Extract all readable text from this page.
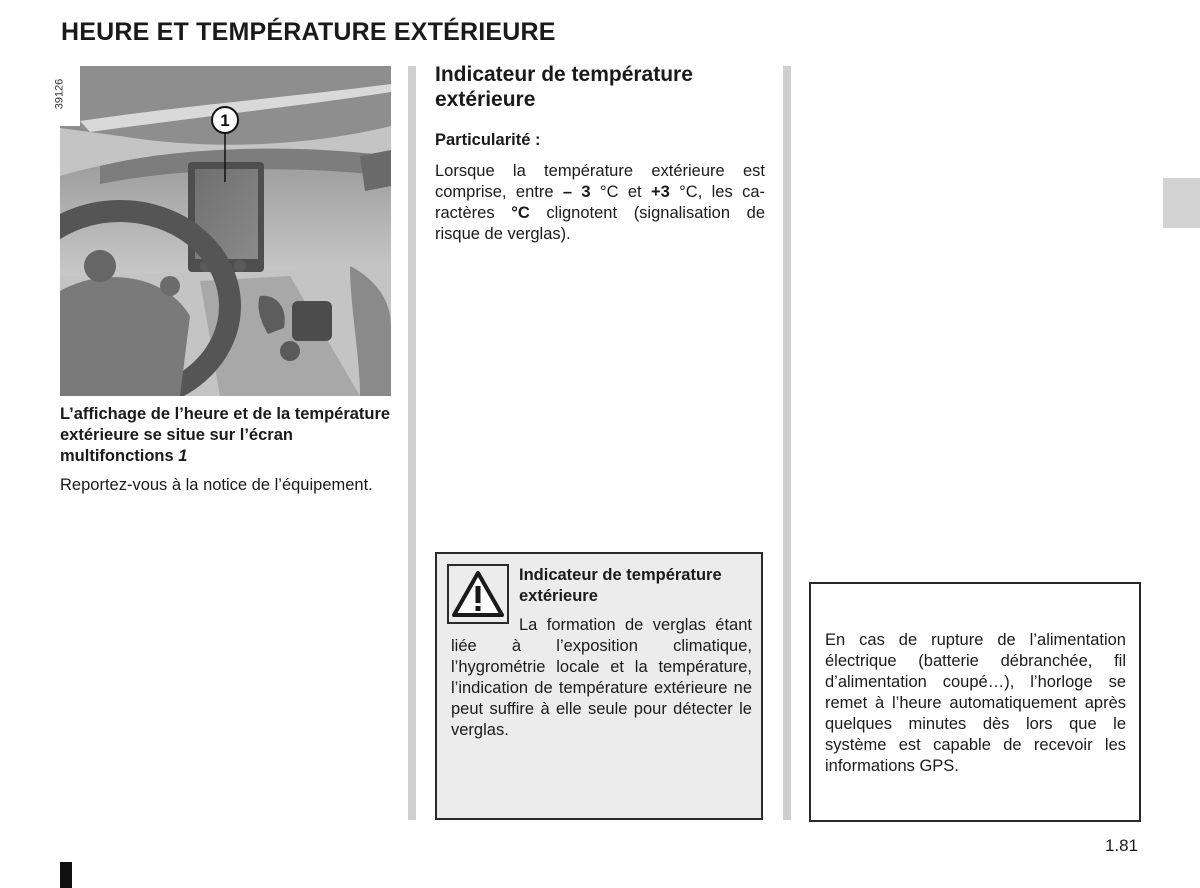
HEURE ET TEMPÉRATURE EXTÉRIEURE
1
39126

L’affichage de l’heure et de la température extérieure se situe sur l’écran multifonctions 1

Reportez-vous à la notice de l’équipement.

Indicateur de température extérieure

Particularité :

Lorsque la température extérieure est comprise, entre – 3 °C et +3 °C, les caractères °C clignotent (signalisation de risque de verglas).

Indicateur de température extérieure

La formation de verglas étant liée à l’exposition climatique, l’hygrométrie locale et la température, l’indication de température extérieure ne peut suffire à elle seule pour détecter le verglas.

En cas de rupture de l’alimentation électrique (batterie débranchée, fil d’alimentation coupé…), l’horloge se remet à l’heure automatiquement après quelques minutes dès lors que le système est capable de recevoir les informations GPS.

1.81
